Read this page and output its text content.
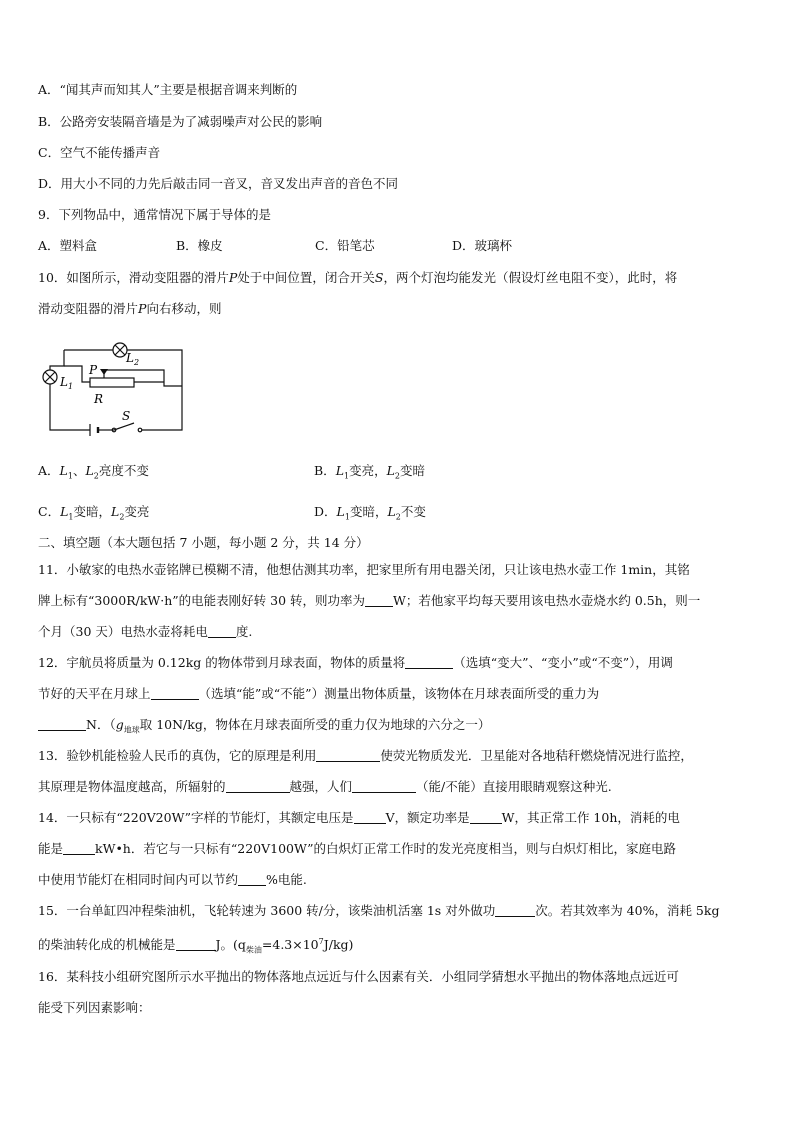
A．“闻其声而知其人”主要是根据音调来判断的
B．公路旁安装隔音墙是为了减弱噪声对公民的影响
C．空气不能传播声音
D．用大小不同的力先后敲击同一音叉，音叉发出声音的音色不同
9．下列物品中，通常情况下属于导体的是
A．塑料盒	B．橡皮	C．铅笔芯	D．玻璃杯
10．如图所示，滑动变阻器的滑片P处于中间位置，闭合开关S，两个灯泡均能发光（假设灯丝电阻不变），此时，将
滑动变阻器的滑片P向右移动，则
$L_2$
$L_1$
P
R
S
A．$L_1$、$L_2$亮度不变	B．$L_1$变亮，$L_2$变暗
C．$L_1$变暗，$L_2$变亮	D．$L_1$变暗，$L_2$不变
二、填空题（本大题包括 7 小题，每小题 2 分，共 14 分）
11．小敏家的电热水壶铭牌已模糊不清，他想估测其功率，把家里所有用电器关闭，只让该电热水壶工作 1min，其铭
牌上标有“3000R/kW·h”的电能表刚好转 30 转，则功率为 W；若他家平均每天要用该电热水壶烧水约 0.5h，则一
个月（30 天）电热水壶将耗电 度.
12．宇航员将质量为 0.12kg 的物体带到月球表面，物体的质量将	（选填“变大”、“变小”或“不变”），用调
节好的天平在月球上	（选填“能”或“不能”）测量出物体质量，该物体在月球表面所受的重力为
N．（$g_{地球}$取 10N/kg，物体在月球表面所受的重力仅为地球的六分之一）
13．验钞机能检验人民币的真伪，它的原理是利用	使荧光物质发光．卫星能对各地秸秆燃烧情况进行监控，
其原理是物体温度越高，所辐射的	越强，人们	（能/不能）直接用眼睛观察这种光.
14．一只标有“220V20W”字样的节能灯，其额定电压是	V，额定功率是	W，其正常工作 10h，消耗的电
能是	kW•h．若它与一只标有“220V100W”的白炽灯正常工作时的发光亮度相当，则与白炽灯相比，家庭电路
中使用节能灯在相同时间内可以节约 %电能.
15．一台单缸四冲程柴油机，飞轮转速为 3600 转/分，该柴油机活塞 1s 对外做功	次。若其效率为 40%，消耗 5kg
的柴油转化成的机械能是	J。$(q_{柴油}=4.3\times 10^7J/kg)$
16．某科技小组研究图所示水平抛出的物体落地点远近与什么因素有关．小组同学猜想水平抛出的物体落地点远近可
能受下列因素影响：
